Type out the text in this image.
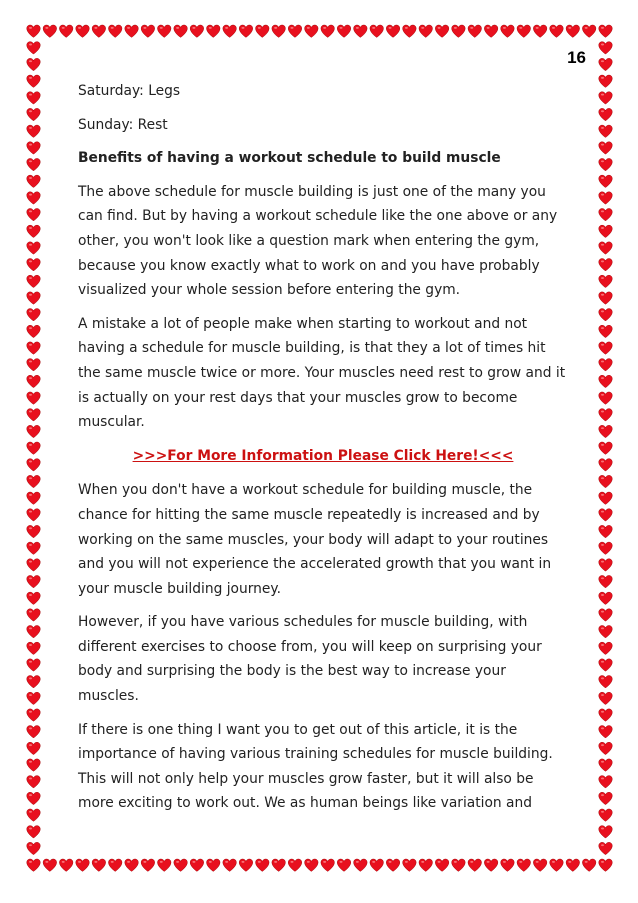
16

Saturday: Legs

Sunday: Rest

Benefits of having a workout schedule to build muscle

The above schedule for muscle building is just one of the many you can find. But by having a workout schedule like the one above or any other, you won't look like a question mark when entering the gym, because you know exactly what to work on and you have probably visualized your whole session before entering the gym.

A mistake a lot of people make when starting to workout and not having a schedule for muscle building, is that they a lot of times hit the same muscle twice or more. Your muscles need rest to grow and it is actually on your rest days that your muscles grow to become muscular.

>>>For More Information Please Click Here!<<<

When you don't have a workout schedule for building muscle, the chance for hitting the same muscle repeatedly is increased and by working on the same muscles, your body will adapt to your routines and you will not experience the accelerated growth that you want in your muscle building journey.

However, if you have various schedules for muscle building, with different exercises to choose from, you will keep on surprising your body and surprising the body is the best way to increase your muscles.

If there is one thing I want you to get out of this article, it is the importance of having various training schedules for muscle building. This will not only help your muscles grow faster, but it will also be more exciting to work out. We as human beings like variation and
